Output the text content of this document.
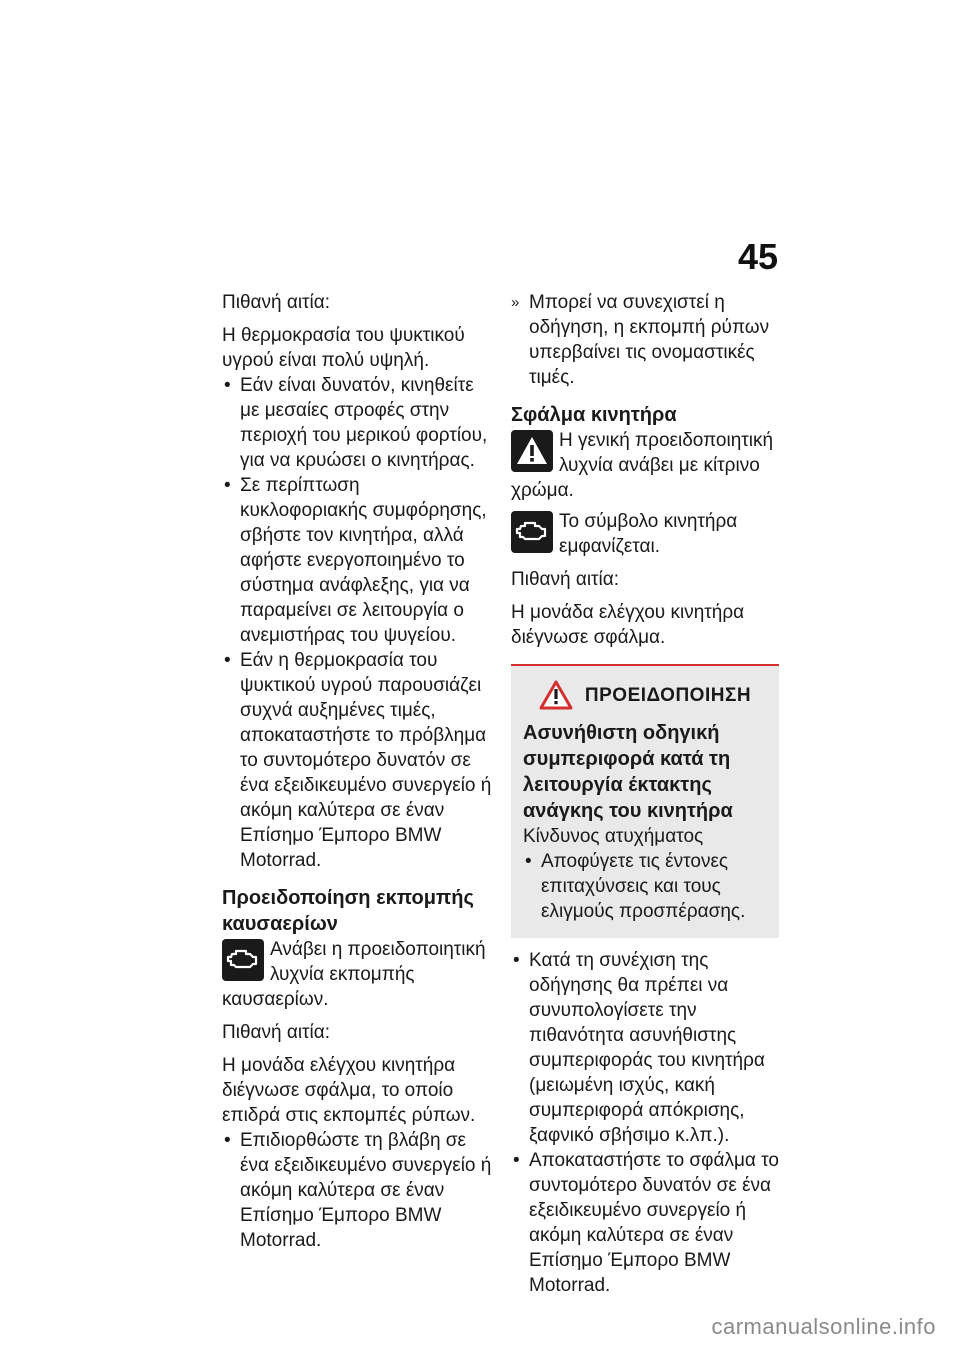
45

Πιθανή αιτία:

Η θερμοκρασία του ψυκτικού υγρού είναι πολύ υψηλή.

• Εάν είναι δυνατόν, κινηθείτε με μεσαίες στροφές στην περιοχή του μερικού φορτίου, για να κρυώσει ο κινητήρας.

• Σε περίπτωση κυκλοφοριακής συμφόρησης, σβήστε τον κινητήρα, αλλά αφήστε ενεργοποιημένο το σύστημα ανάφλεξης, για να παραμείνει σε λειτουργία ο ανεμιστήρας του ψυγείου.

• Εάν η θερμοκρασία του ψυκτικού υγρού παρουσιάζει συχνά αυξημένες τιμές, αποκαταστήστε το πρόβλημα το συντομότερο δυνατόν σε ένα εξειδικευμένο συνεργείο ή ακόμη καλύτερα σε έναν Επίσημο Έμπορο BMW Motorrad.

Προειδοποίηση εκπομπής καυσαερίων

Ανάβει η προειδοποιητική λυχνία εκπομπής καυσαερίων.

Πιθανή αιτία:

Η μονάδα ελέγχου κινητήρα διέγνωσε σφάλμα, το οποίο επιδρά στις εκπομπές ρύπων.

• Επιδιορθώστε τη βλάβη σε ένα εξειδικευμένο συνεργείο ή ακόμη καλύτερα σε έναν Επίσημο Έμπορο BMW Motorrad.

» Μπορεί να συνεχιστεί η οδήγηση, η εκπομπή ρύπων υπερβαίνει τις ονομαστικές τιμές.

Σφάλμα κινητήρα

Η γενική προειδοποιητική λυχνία ανάβει με κίτρινο χρώμα.

Το σύμβολο κινητήρα εμφανίζεται.

Πιθανή αιτία:

Η μονάδα ελέγχου κινητήρα διέγνωσε σφάλμα.

ΠΡΟΕΙΔΟΠΟΙΗΣΗ

Ασυνήθιστη οδηγική συμπεριφορά κατά τη λειτουργία έκτακτης ανάγκης του κινητήρα

Κίνδυνος ατυχήματος

• Αποφύγετε τις έντονες επιταχύνσεις και τους ελιγμούς προσπέρασης.

• Κατά τη συνέχιση της οδήγησης θα πρέπει να συνυπολογίσετε την πιθανότητα ασυνήθιστης συμπεριφοράς του κινητήρα (μειωμένη ισχύς, κακή συμπεριφορά απόκρισης, ξαφνικό σβήσιμο κ.λπ.).

• Αποκαταστήστε το σφάλμα το συντομότερο δυνατόν σε ένα εξειδικευμένο συνεργείο ή ακόμη καλύτερα σε έναν Επίσημο Έμπορο BMW Motorrad.

carmanualsonline.info
